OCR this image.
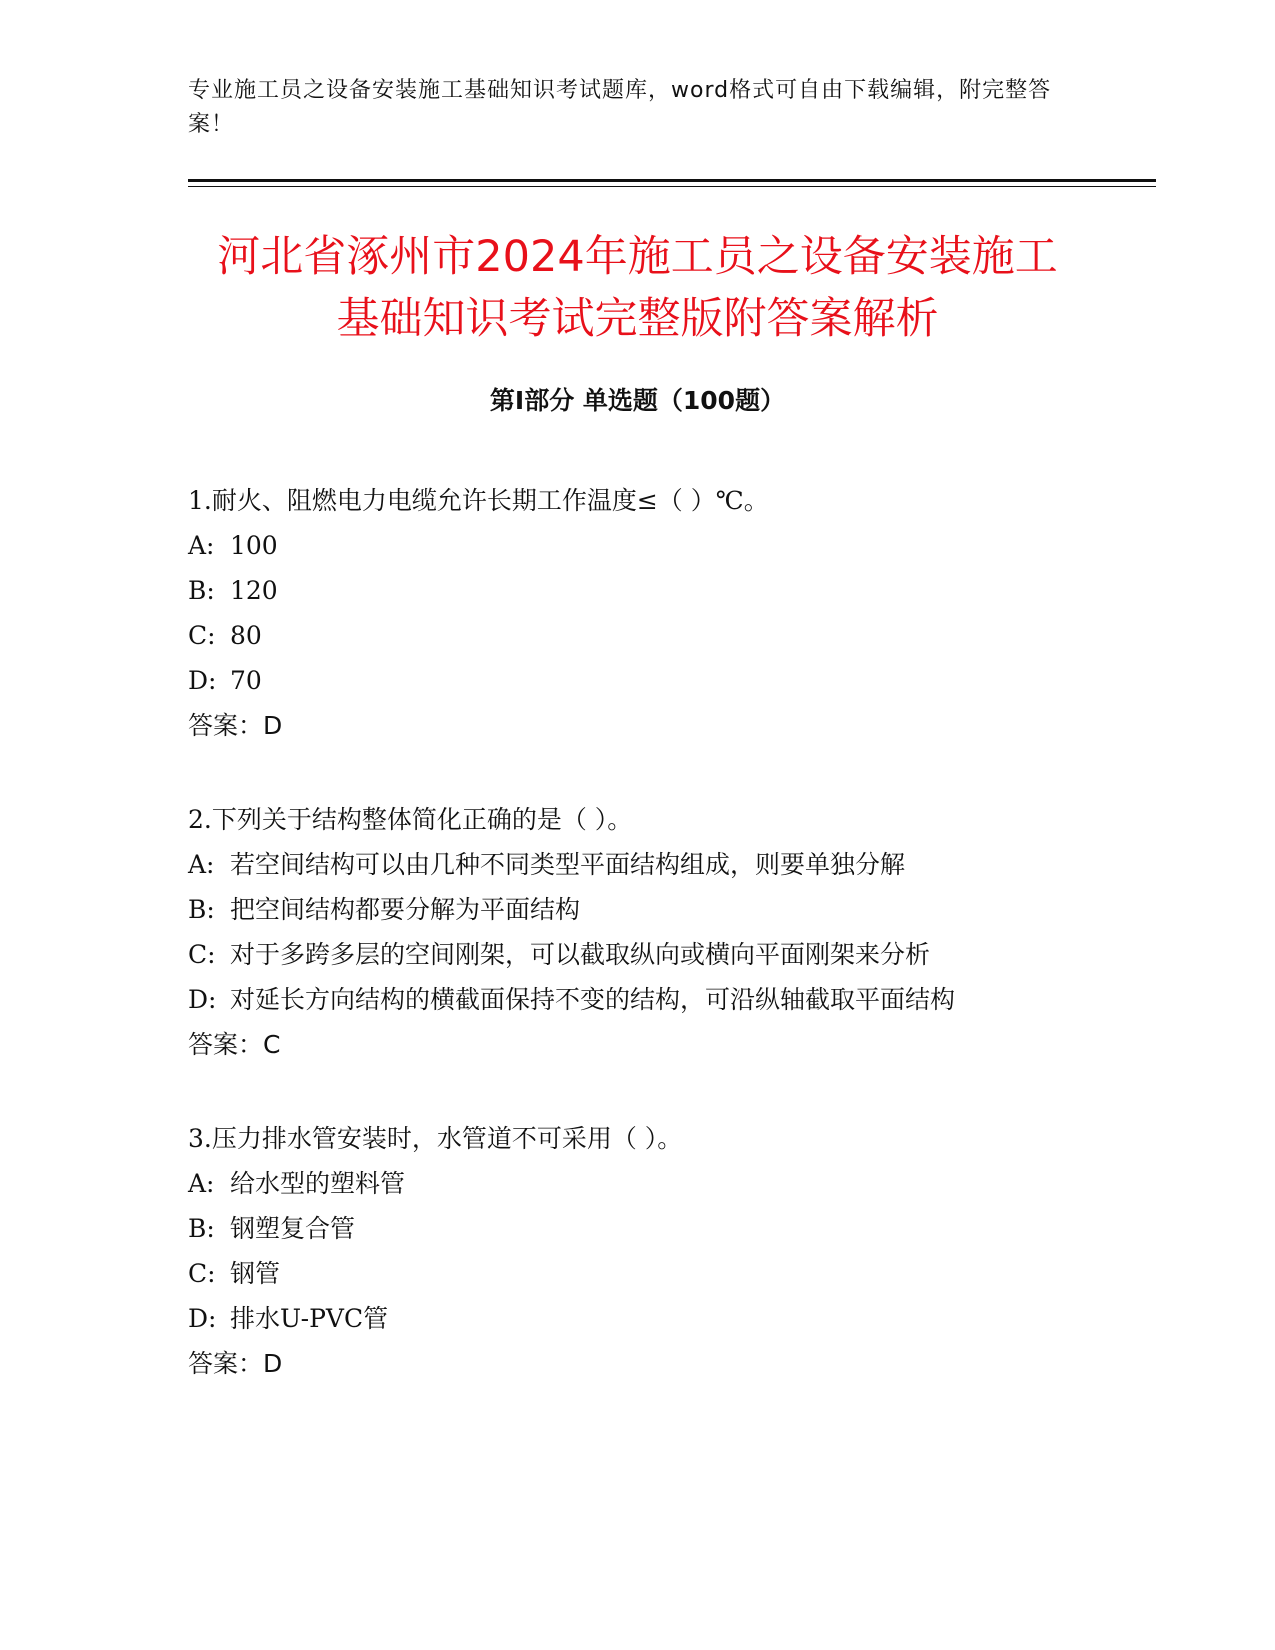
专业施工员之设备安装施工基础知识考试题库，word格式可自由下载编辑，附完整答案！
河北省涿州市2024年施工员之设备安装施工
基础知识考试完整版附答案解析
第Ⅰ部分 单选题（100题）
1.耐火、阻燃电力电缆允许长期工作温度≤（ ）℃。
A: 100
B: 120
C: 80
D: 70
答案：D
2.下列关于结构整体简化正确的是（ ）。
A: 若空间结构可以由几种不同类型平面结构组成，则要单独分解
B: 把空间结构都要分解为平面结构
C: 对于多跨多层的空间刚架，可以截取纵向或横向平面刚架来分析
D: 对延长方向结构的横截面保持不变的结构，可沿纵轴截取平面结构
答案：C
3.压力排水管安装时，水管道不可采用（ ）。
A: 给水型的塑料管
B: 钢塑复合管
C: 钢管
D: 排水U-PVC管
答案：D
